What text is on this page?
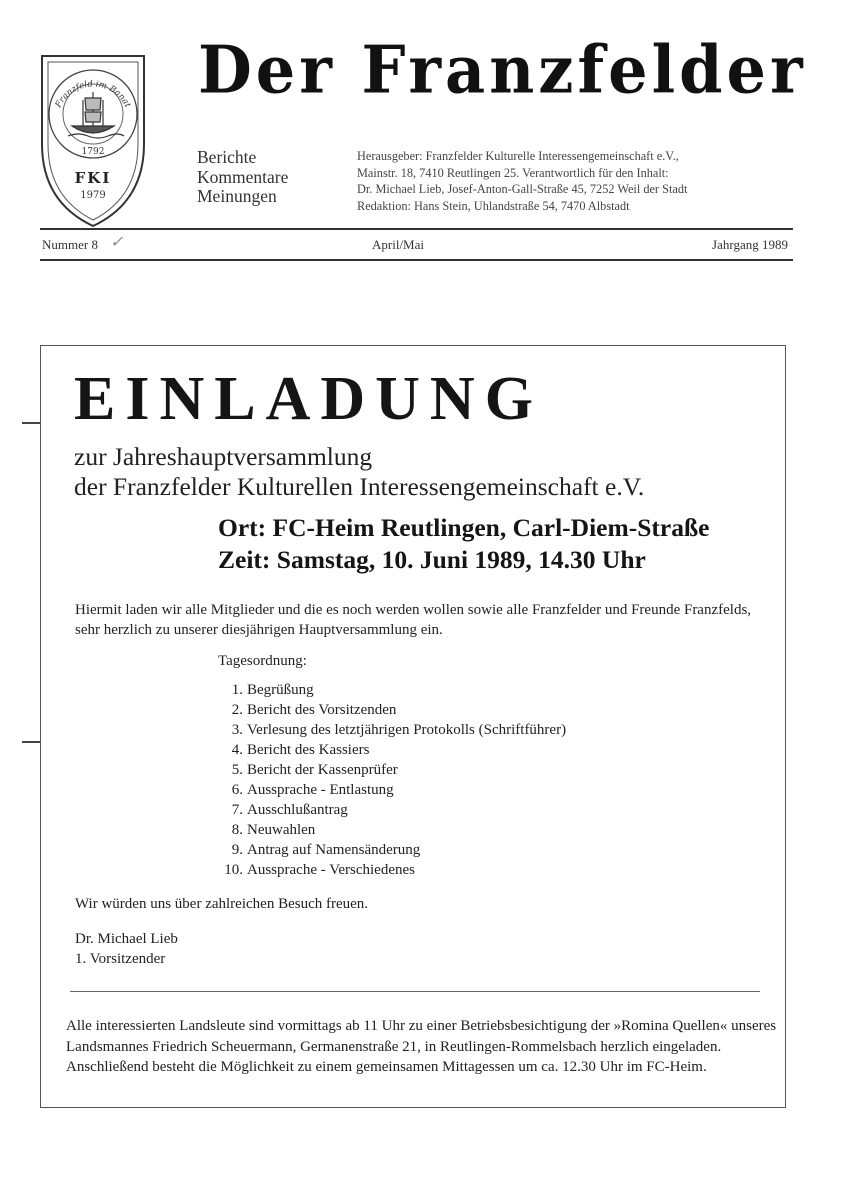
Franzfeld im Banat
1792
FKI
1979
Der Franzfelder
Berichte
Kommentare
Meinungen
Herausgeber: Franzfelder Kulturelle Interessengemeinschaft e.V.,
Mainstr. 18, 7410 Reutlingen 25. Verantwortlich für den Inhalt:
Dr. Michael Lieb, Josef-Anton-Gall-Straße 45, 7252 Weil der Stadt
Redaktion: Hans Stein, Uhlandstraße 54, 7470 Albstadt
Nummer 8 ✓	April/Mai	Jahrgang 1989
EINLADUNG
zur Jahreshauptversammlung
der Franzfelder Kulturellen Interessengemeinschaft e.V.
Ort: FC-Heim Reutlingen, Carl-Diem-Straße
Zeit: Samstag, 10. Juni 1989, 14.30 Uhr
Hiermit laden wir alle Mitglieder und die es noch werden wollen sowie alle Franzfelder und Freunde Franzfelds, sehr herzlich zu unserer diesjährigen Hauptversammlung ein.
Tagesordnung:
1. Begrüßung
2. Bericht des Vorsitzenden
3. Verlesung des letztjährigen Protokolls (Schriftführer)
4. Bericht des Kassiers
5. Bericht der Kassenprüfer
6. Aussprache - Entlastung
7. Ausschlußantrag
8. Neuwahlen
9. Antrag auf Namensänderung
10. Aussprache - Verschiedenes
Wir würden uns über zahlreichen Besuch freuen.
Dr. Michael Lieb
1. Vorsitzender
Alle interessierten Landsleute sind vormittags ab 11 Uhr zu einer Betriebsbesichtigung der »Romina Quellen« unseres Landsmannes Friedrich Scheuermann, Germanenstraße 21, in Reutlingen-Rommelsbach herzlich eingeladen. Anschließend besteht die Möglichkeit zu einem gemeinsamen Mittagessen um ca. 12.30 Uhr im FC-Heim.
